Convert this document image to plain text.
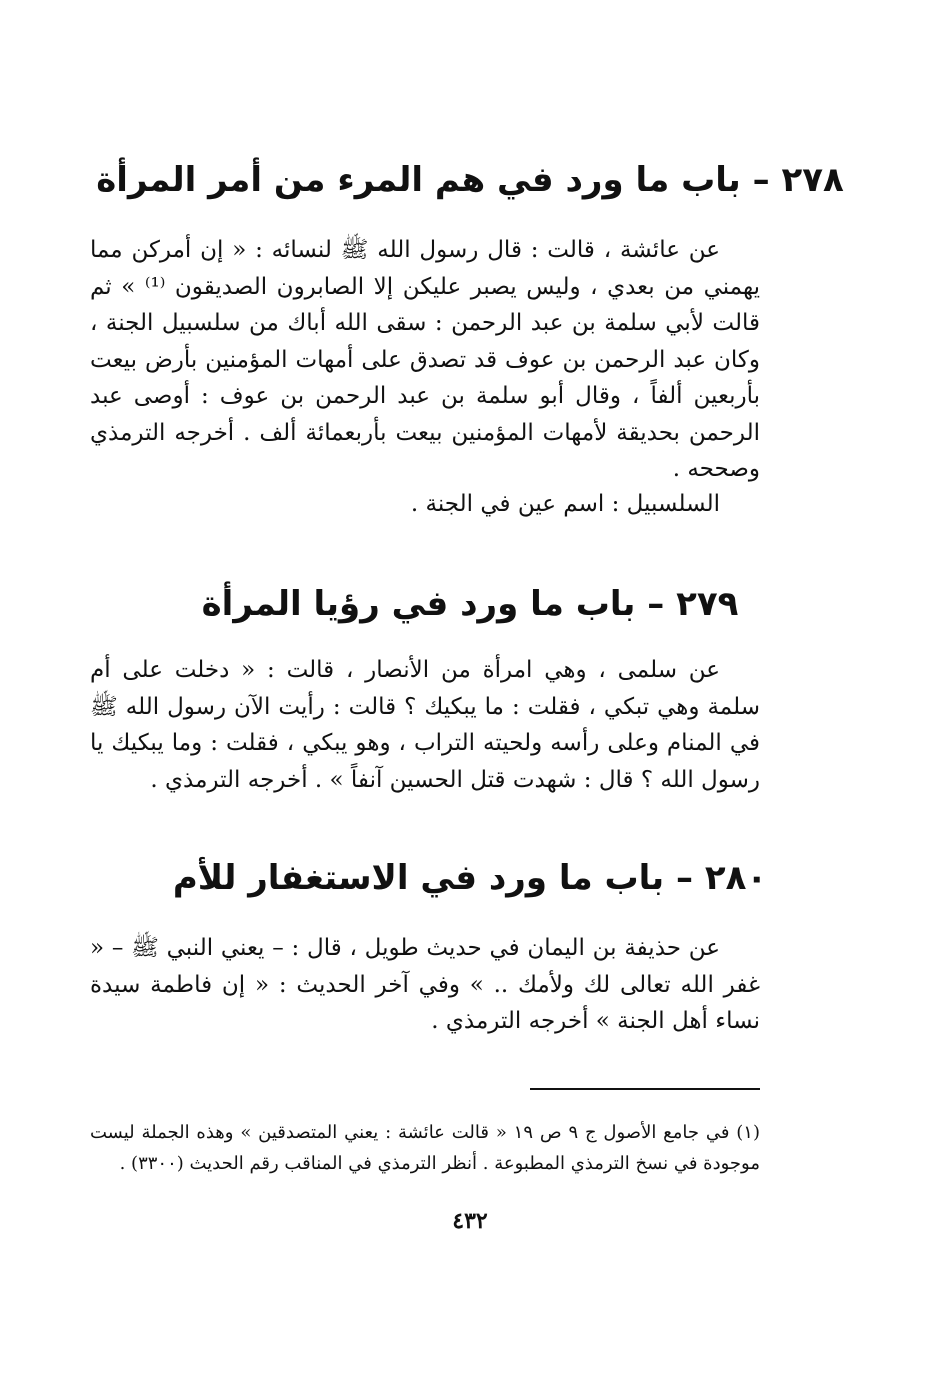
٢٧٨ – باب ما ورد في هم المرء من أمر المرأة

عن عائشة ، قالت : قال رسول الله ﷺ لنسائه : « إن أمركن مما يهمني من بعدي ، وليس يصبر عليكن إلا الصابرون الصديقون ⁽¹⁾ » ثم قالت لأبي سلمة بن عبد الرحمن : سقى الله أباك من سلسبيل الجنة ، وكان عبد الرحمن بن عوف قد تصدق على أمهات المؤمنين بأرض بيعت بأربعين ألفاً ، وقال أبو سلمة بن عبد الرحمن بن عوف : أوصى عبد الرحمن بحديقة لأمهات المؤمنين بيعت بأربعمائة ألف . أخرجه الترمذي وصححه .

السلسبيل : اسم عين في الجنة .

٢٧٩ – باب ما ورد في رؤيا المرأة

عن سلمى ، وهي امرأة من الأنصار ، قالت : « دخلت على أم سلمة وهي تبكي ، فقلت : ما يبكيك ؟ قالت : رأيت الآن رسول الله ﷺ في المنام وعلى رأسه ولحيته التراب ، وهو يبكي ، فقلت : وما يبكيك يا رسول الله ؟ قال : شهدت قتل الحسين آنفاً » . أخرجه الترمذي .

٢٨٠ – باب ما ورد في الاستغفار للأم

عن حذيفة بن اليمان في حديث طويل ، قال : – يعني النبي ﷺ – « غفر الله تعالى لك ولأمك .. » وفي آخر الحديث : « إن فاطمة سيدة نساء أهل الجنة » أخرجه الترمذي .

(١) في جامع الأصول ج ٩ ص ١٩ « قالت عائشة : يعني المتصدقين » وهذه الجملة ليست موجودة في نسخ الترمذي المطبوعة . أنظر الترمذي في المناقب رقم الحديث (٣٣٠٠) .

٤٣٢
